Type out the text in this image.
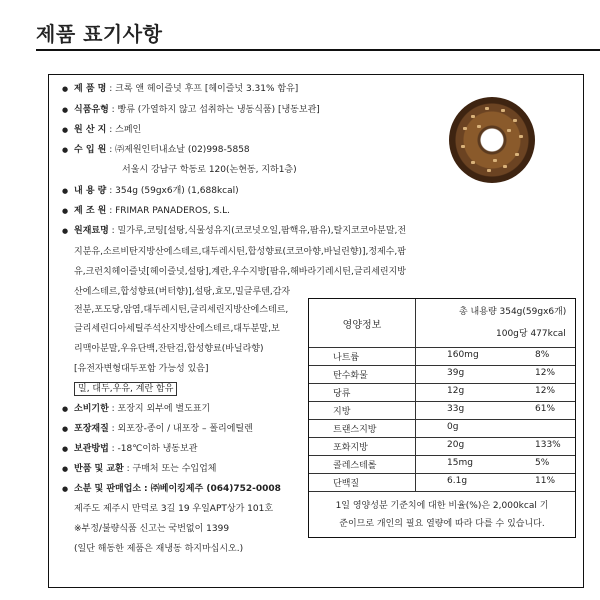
제품 표기사항
● 제 품 명 : 크록 앤 헤이즐넛 후프 [헤이즐넛 3.31% 함유]
● 식품유형 : 빵류 (가열하지 않고 섭취하는 냉동식품) [냉동보관]
● 원 산 지 : 스페인
● 수 입 원 : ㈜제원인터내쇼날 (02)998-5858
서울시 강남구 학동로 120(논현동, 지하1층)
● 내 용 량 : 354g (59gx6개) (1,688kcal)
● 제 조 원 : FRIMAR PANADEROS, S.L.
● 원재료명 : 밀가루,코팅[설탕,식물성유지(코코넛오일,팜핵유,팜유),탈지코코아분말,전
지분유,소르비탄지방산에스테르,대두레시틴,합성향료(코코아향,바닐린향)],정제수,팜
유,크런치헤이즐넛[헤이즐넛,설탕],계란,우수지방[팜유,해바라기레시틴,글리세린지방
산에스테르,합성향료(버터향)],설탕,효모,밀글루텐,감자
전분,포도당,암염,대두레시틴,글리세린지방산에스테르,
글리세린디아세틸주석산지방산에스테르,대두분말,보
리맥아분말,우유단백,잔탄검,합성향료(바닐라향)
[유전자변형대두포함 가능성 있음]
밀, 대두,우유, 계란 함유
● 소비기한 : 포장지 외부에 별도표기
● 포장재질 : 외포장-종이 / 내포장 – 폴리에틸렌
● 보관방법 : -18℃이하 냉동보관
● 반품 및 교환 : 구매처 또는 수입업체
● 소분 및 판매업소 : ㈜베이킹제주 (064)752-0008
제주도 제주시 만덕로 3길 19 우일APT상가 101호
※부정/불량식품 신고는 국번없이 1399
(일단 해동한 제품은 재냉동 하지마십시오.)
영양정보
총 내용량 354g(59gx6개)
100g당 477kcal
나트륨	160mg	8%
탄수화물	39g	12%
당류	12g	12%
지방	33g	61%
트랜스지방	0g
포화지방	20g	133%
콜레스테롤	15mg	5%
단백질	6.1g	11%
1일 영양성분 기준치에 대한 비율(%)은 2,000kcal 기
준이므로 개인의 필요 열량에 따라 다를 수 있습니다.
